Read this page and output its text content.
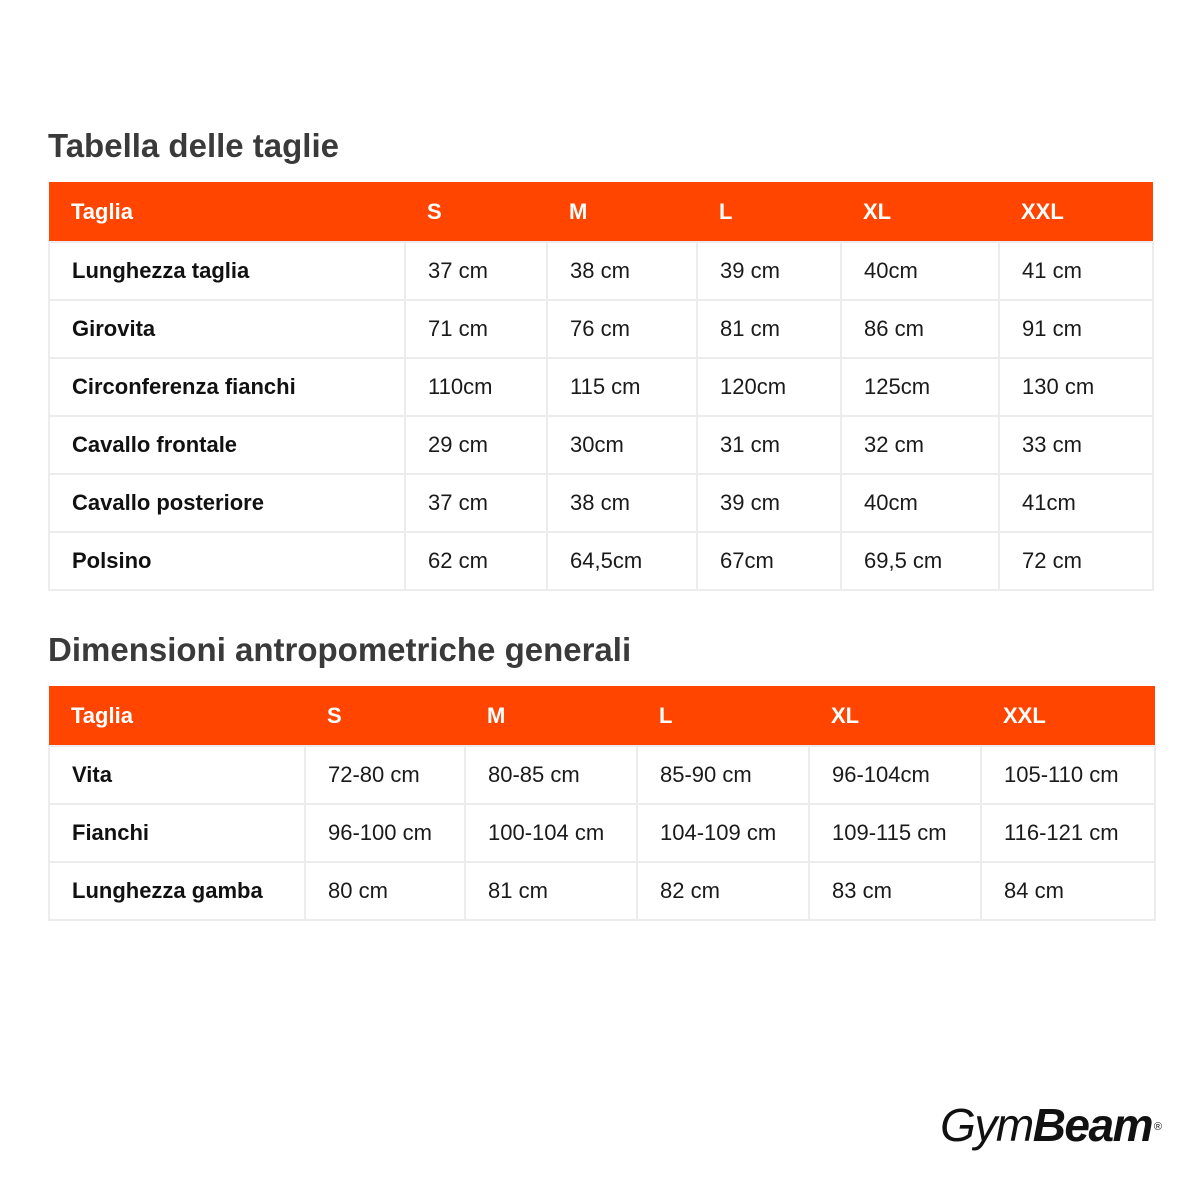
Tabella delle taglie
Taglia	S	M	L	XL	XXL
Lunghezza taglia	37 cm	38 cm	39 cm	40cm	41 cm
Girovita	71 cm	76 cm	81 cm	86 cm	91 cm
Circonferenza fianchi	110cm	115 cm	120cm	125cm	130 cm
Cavallo frontale	29 cm	30cm	31 cm	32 cm	33 cm
Cavallo posteriore	37 cm	38 cm	39 cm	40cm	41cm
Polsino	62 cm	64,5cm	67cm	69,5 cm	72 cm
Dimensioni antropometriche generali
Taglia	S	M	L	XL	XXL
Vita	72-80 cm	80-85 cm	85-90 cm	96-104cm	105-110 cm
Fianchi	96-100 cm	100-104 cm	104-109 cm	109-115 cm	116-121 cm
Lunghezza gamba	80 cm	81 cm	82 cm	83 cm	84 cm
GymBeam ®
